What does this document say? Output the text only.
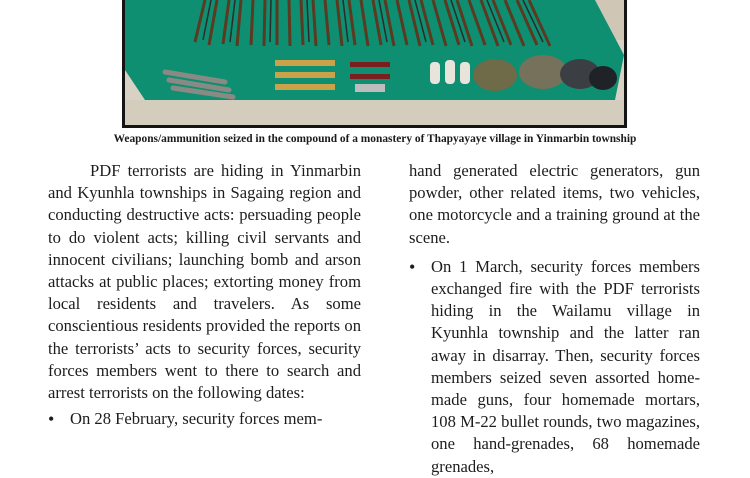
Weapons/ammunition seized in the compound of a monastery of Thapyayaye village in Yinmarbin township

PDF terrorists are hiding in Yinmarbin and Kyunhla townships in Sagaing region and conducting destructive acts: persuading people to do violent acts; killing civil servants and innocent civilians; launching bomb and arson attacks at public places; extorting money from local residents and travelers. As some conscientious residents provided the reports on the terrorists’ acts to security forces, security forces members went to there to search and arrest terrorists on the following dates:

• On 28 February, security forces mem-

hand generated electric generators, gun powder, other related items, two vehicles, one motorcycle and a training ground at the scene.

• On 1 March, security forces members exchanged fire with the PDF terrorists hiding in the Wailamu village in Kyunhla township and the latter ran away in disarray. Then, security forces members seized seven assorted home-made guns, four homemade mortars, 108 M-22 bullet rounds, two magazines, one hand-grenades, 68 homemade grenades,
